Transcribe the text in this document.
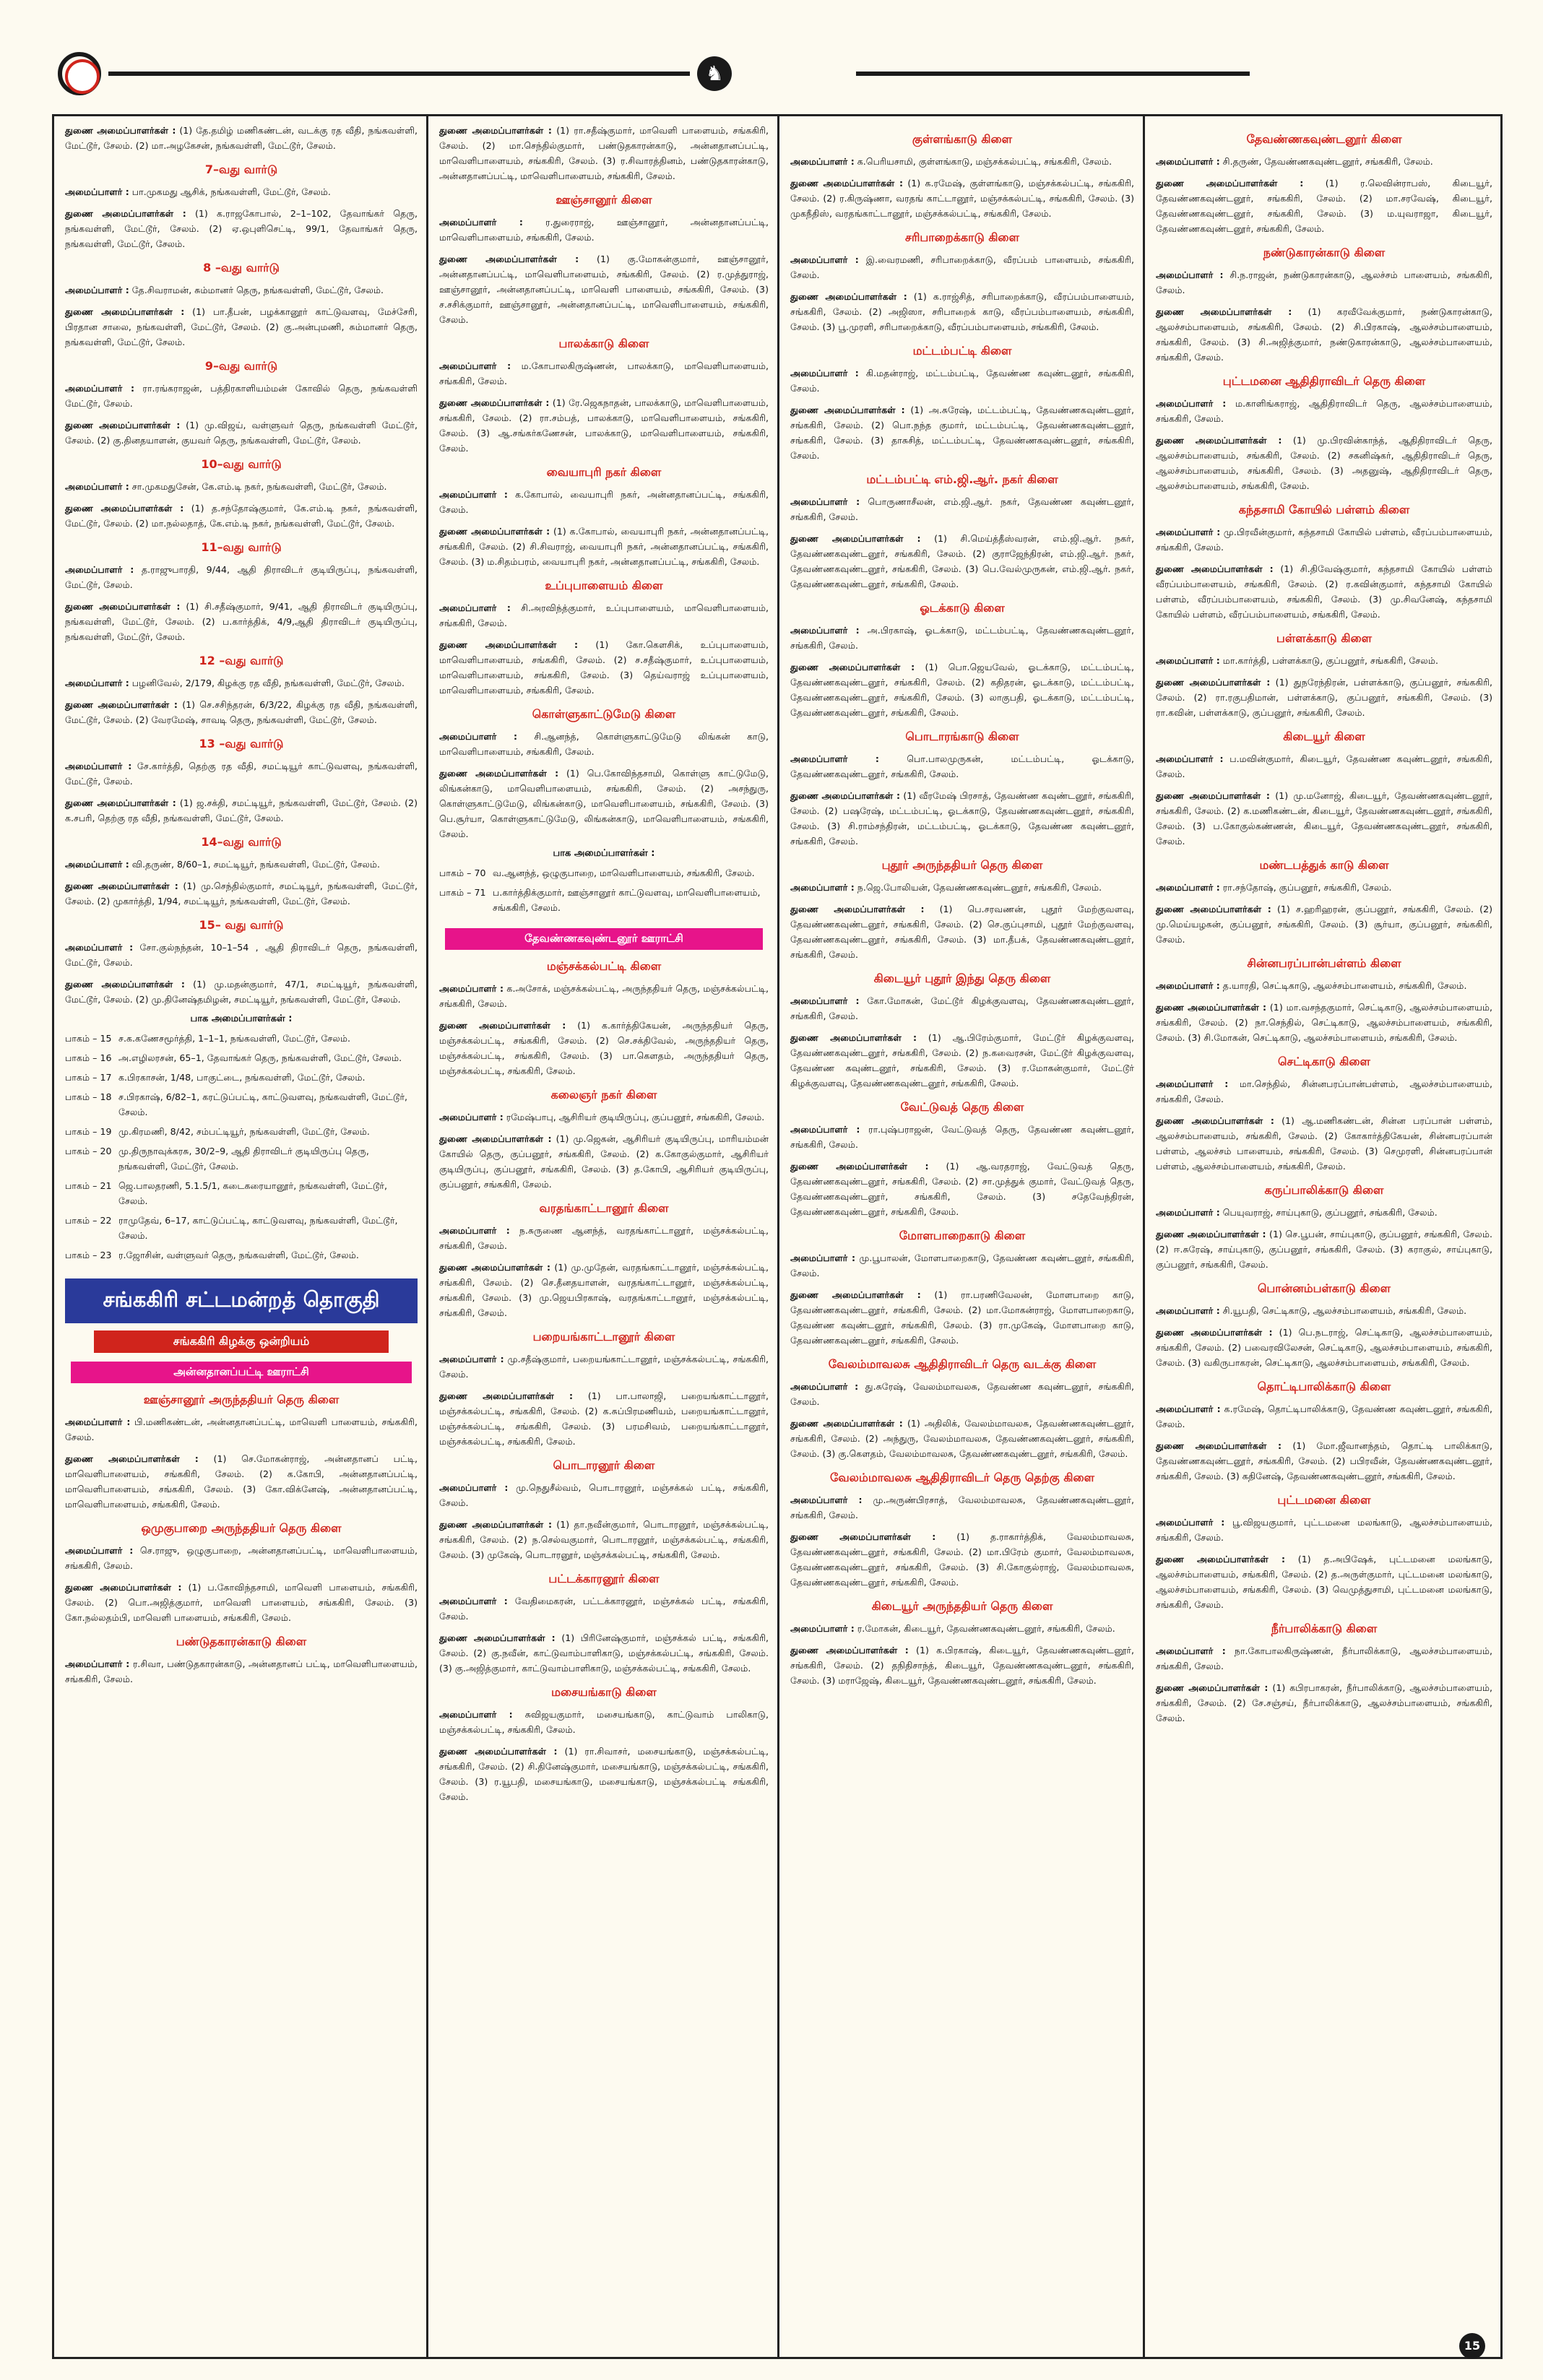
♞

துணை அமைப்பாளர்கள் : (1) தே.தமிழ் மணிகண்டன், வடக்கு ரத வீதி, நங்கவள்ளி, மேட்டூர், சேலம். (2) மா.அழகேசன், நங்கவள்ளி, மேட்டூர், சேலம்.

7–வது வார்டு

அமைப்பாளர் : பா.முகமது ஆசிக், நங்கவள்ளி, மேட்டூர், சேலம்.

துணை அமைப்பாளர்கள் : (1) க.ராஜகோபால், 2–1–102, தேவாங்கர் தெரு, நங்கவள்ளி, மேட்டூர், சேலம். (2) ஏ.ஒபுளிசெட்டி, 99/1, தேவாங்கர் தெரு, நங்கவள்ளி, மேட்டூர், சேலம்.

8 –வது வார்டு

அமைப்பாளர் : தே.சிவராமன், சும்மானர் தெரு, நங்கவள்ளி, மேட்டூர், சேலம்.

துணை அமைப்பாளர்கள் : (1) பா.தீபன், பழக்கானூர் காட்டுவளவு, மேச்சேரி, பிரதான சாலை, நங்கவள்ளி, மேட்டூர், சேலம். (2) கு.அன்புமணி, சும்மானர் தெரு, நங்கவள்ளி, மேட்டூர், சேலம்.

9–வது வார்டு

அமைப்பாளர் : ரா.ரங்கராஜன், பத்திரகாளியம்மன் கோவில் தெரு, நங்கவள்ளி மேட்டூர், சேலம்.

துணை அமைப்பாளர்கள் : (1) மு.விஜய், வள்ளுவர் தெரு, நங்கவள்ளி மேட்டூர், சேலம். (2) கு.தினதயாளன், குயவர் தெரு, நங்கவள்ளி, மேட்டூர், சேலம்.

10–வது வார்டு

அமைப்பாளர் : சா.முகமதுசேன், கே.எம்.டி நகர், நங்கவள்ளி, மேட்டூர், சேலம்.

துணை அமைப்பாளர்கள் : (1) த.சந்தோஷ்குமார், கே.எம்.டி நகர், நங்கவள்ளி, மேட்டூர், சேலம். (2) மா.நல்லதாத், கே.எம்.டி நகர், நங்கவள்ளி, மேட்டூர், சேலம்.

11–வது வார்டு

அமைப்பாளர் : த.ராஜுபாரதி, 9/44, ஆதி திராவிடர் குடியிருப்பு, நங்கவள்ளி, மேட்டூர், சேலம்.

துணை அமைப்பாளர்கள் : (1) சி.சதீஷ்குமார், 9/41, ஆதி திராவிடர் குடியிருப்பு, நங்கவள்ளி, மேட்டூர், சேலம். (2) ப.கார்த்திக், 4/9,ஆதி திராவிடர் குடியிருப்பு, நங்கவள்ளி, மேட்டூர், சேலம்.

12 –வது வார்டு

அமைப்பாளர் : பழனிவேல், 2/179, கிழக்கு ரத வீதி, நங்கவள்ளி, மேட்டூர், சேலம்.

துணை அமைப்பாளர்கள் : (1) செ.சசிந்தரன், 6/3/22, கிழக்கு ரத வீதி, நங்கவள்ளி, மேட்டூர், சேலம். (2) வேரமேஷ், சாவடி தெரு, நங்கவள்ளி, மேட்டூர், சேலம்.

13 –வது வார்டு

அமைப்பாளர் : சே.கார்த்தி, தெற்கு ரத வீதி, சமட்டியூர் காட்டுவளவு, நங்கவள்ளி, மேட்டூர், சேலம்.

துணை அமைப்பாளர்கள் : (1) ஜ.சக்தி, சமட்டியூர், நங்கவள்ளி, மேட்டூர், சேலம். (2) க.சபரி, தெற்கு ரத வீதி, நங்கவள்ளி, மேட்டூர், சேலம்.

14–வது வார்டு

அமைப்பாளர் : வி.தருண், 8/60–1, சமட்டியூர், நங்கவள்ளி, மேட்டூர், சேலம்.

துணை அமைப்பாளர்கள் : (1) மு.செந்தில்குமார், சமட்டியூர், நங்கவள்ளி, மேட்டூர், சேலம். (2) முகார்த்தி, 1/94, சமட்டியூர், நங்கவள்ளி, மேட்டூர், சேலம்.

15– வது வார்டு

அமைப்பாளர் : சோ.குல்நந்தன், 10–1–54 , ஆதி திராவிடர் தெரு, நங்கவள்ளி, மேட்டூர், சேலம்.

துணை அமைப்பாளர்கள் : (1) மு.மதன்குமார், 47/1, சமட்டியூர், நங்கவள்ளி, மேட்டூர், சேலம். (2) மு.தினேஷ்தமிழன், சமட்டியூர், நங்கவள்ளி, மேட்டூர், சேலம்.

பாக அமைப்பாளர்கள் :
பாகம் – 15	ச.க.கணேசமூர்த்தி, 1–1–1, நங்கவள்ளி, மேட்டூர், சேலம்.
பாகம் – 16	அ.எழிலரசன், 65–1, தேவாங்கர் தெரு, நங்கவள்ளி, மேட்டூர், சேலம்.
பாகம் – 17	க.பிரகாசன், 1/48, பாகுட்டை, நங்கவள்ளி, மேட்டூர், சேலம்.
பாகம் – 18	ச.பிரகாஷ், 6/82–1, கரட்டுப்பட்டி, காட்டுவளவு, நங்கவள்ளி, மேட்டூர், சேலம்.
பாகம் – 19	மு.கிரமணி, 8/42, சம்பட்டியூர், நங்கவள்ளி, மேட்டூர், சேலம்.
பாகம் – 20	மு.திருநாவுக்கரசு, 30/2–9, ஆதி திராவிடர் குடியிருப்பு தெரு, நங்கவள்ளி, மேட்டூர், சேலம்.
பாகம் – 21	ஜெ.பாலதரணி, 5.1.5/1, கடைகரையானூர், நங்கவள்ளி, மேட்டூர், சேலம்.
பாகம் – 22	ராமுதேவ், 6–17, காட்டுப்பட்டி, காட்டுவளவு, நங்கவள்ளி, மேட்டூர், சேலம்.
பாகம் – 23	ர.ஜோசின், வள்ளுவர் தெரு, நங்கவள்ளி, மேட்டூர், சேலம்.
சங்ககிரி சட்டமன்றத் தொகுதி
சங்ககிரி கிழக்கு ஒன்றியம்
அன்னதானப்பட்டி ஊராட்சி
ஊஞ்சானூர் அருந்ததியர் தெரு கிளை

அமைப்பாளர் : பி.மணிகண்டன், அன்னதானப்பட்டி, மாவெளி பாளையம், சங்ககிரி, சேலம்.

துணை அமைப்பாளர்கள் : (1) செ.மோகன்ராஜ், அன்னதானப் பட்டி, மாவெளிபாளையம், சங்ககிரி, சேலம். (2) க.கோபி, அன்னதானப்பட்டி, மாவெளிபாளையம், சங்ககிரி, சேலம். (3) கோ.விக்னேஷ், அன்னதானப்பட்டி, மாவெளிபாளையம், சங்ககிரி, சேலம்.

ஒமுகுபாறை அருந்ததியர் தெரு கிளை

அமைப்பாளர் : செ.ராஜு, ஒழுகுபாறை, அன்னதானப்பட்டி, மாவெளிபாளையம், சங்ககிரி, சேலம்.

துணை அமைப்பாளர்கள் : (1) ப.கோவிந்தசாமி, மாவெளி பாளையம், சங்ககிரி, சேலம். (2) பொ.அஜித்குமார், மாவெளி பாளையம், சங்ககிரி, சேலம். (3) கோ.நல்லதம்பி, மாவெளி பாளையம், சங்ககிரி, சேலம்.

பண்டுதகாரன்காடு கிளை

அமைப்பாளர் : ர.சிவா, பண்டுதகாரன்காடு, அன்னதானப் பட்டி, மாவெளிபாளையம், சங்ககிரி, சேலம்.

துணை அமைப்பாளர்கள் : (1) ரா.சதீஷ்குமார், மாவெளி பாளையம், சங்ககிரி, சேலம். (2) மா.செந்தில்குமார், பண்டுதகாரன்காடு, அன்னதானப்பட்டி, மாவெளிபாளையம், சங்ககிரி, சேலம். (3) ர.சிவாரத்தினம், பண்டுதகாரன்காடு, அன்னதானப்பட்டி, மாவெளிபாளையம், சங்ககிரி, சேலம்.

ஊஞ்சானூர் கிளை

அமைப்பாளர் : ர.துரைராஜ், ஊஞ்சானூர், அன்னதானப்பட்டி, மாவெளிபாளையம், சங்ககிரி, சேலம்.

துணை அமைப்பாளர்கள் : (1) கு.மோகன்குமார், ஊஞ்சானூர், அன்னதானப்பட்டி, மாவெளிபாளையம், சங்ககிரி, சேலம். (2) ர.முத்துராஜ், ஊஞ்சானூர், அன்னதானப்பட்டி, மாவெளி பாளையம், சங்ககிரி, சேலம். (3) ச.சசிக்குமார், ஊஞ்சானூர், அன்னதானப்பட்டி, மாவெளிபாளையம், சங்ககிரி, சேலம்.

பாலக்காடு கிளை

அமைப்பாளர் : ம.கோபாலகிருஷ்ணன், பாலக்காடு, மாவெளிபாளையம், சங்ககிரி, சேலம்.

துணை அமைப்பாளர்கள் : (1) ரே.ஜெகநாதன், பாலக்காடு, மாவெளிபாளையம், சங்ககிரி, சேலம். (2) ரா.சம்பத், பாலக்காடு, மாவெளிபாளையம், சங்ககிரி, சேலம். (3) ஆ.சங்கர்கணேசன், பாலக்காடு, மாவெளிபாளையம், சங்ககிரி, சேலம்.

வையாபுரி நகர் கிளை

அமைப்பாளர் : க.கோபால், வையாபுரி நகர், அன்னதானப்பட்டி, சங்ககிரி, சேலம்.

துணை அமைப்பாளர்கள் : (1) க.கோபால், வையாபுரி நகர், அன்னதானப்பட்டி, சங்ககிரி, சேலம். (2) சி.சிவராஜ், வையாபுரி நகர், அன்னதானப்பட்டி, சங்ககிரி, சேலம். (3) ம.சிதம்பரம், வையாபுரி நகர், அன்னதானப்பட்டி, சங்ககிரி, சேலம்.

உப்புபாளையம் கிளை

அமைப்பாளர் : சி.அரவிந்த்குமார், உப்புபாளையம், மாவெளிபாளையம், சங்ககிரி, சேலம்.

துணை அமைப்பாளர்கள் : (1) கோ.கௌசிக், உப்புபாளையம், மாவெளிபாளையம், சங்ககிரி, சேலம். (2) ச.சதீஷ்குமார், உப்புபாளையம், மாவெளிபாளையம், சங்ககிரி, சேலம். (3) தெய்வராஜ் உப்புபாளையம், மாவெளிபாளையம், சங்ககிரி, சேலம்.

கொள்ளுகாட்டுமேடு கிளை

அமைப்பாளர் : சி.ஆனந்த், கொள்ளுகாட்டுமேடு லிங்கன் காடு, மாவெளிபாளையம், சங்ககிரி, சேலம்.

துணை அமைப்பாளர்கள் : (1) பெ.கோவிந்தசாமி, கொள்ளு காட்டுமேடு, லிங்கன்காடு, மாவெளிபாளையம், சங்ககிரி, சேலம். (2) அசந்துரு, கொள்ளுகாட்டுமேடு, லிங்கன்காடு, மாவெளிபாளையம், சங்ககிரி, சேலம். (3) பெ.சூர்யா, கொள்ளுகாட்டுமேடு, லிங்கன்காடு, மாவெளிபாளையம், சங்ககிரி, சேலம்.

பாக அமைப்பாளர்கள் :
பாகம் – 70	வ.ஆனந்த், ஒழுகுபாறை, மாவெளிபாளையம், சங்ககிரி, சேலம்.
பாகம் – 71	ப.கார்த்திக்குமார், ஊஞ்சானூர் காட்டுவளவு, மாவெளிபாளையம், சங்ககிரி, சேலம்.
தேவண்ணகவுண்டனூர் ஊராட்சி
மஞ்சக்கல்பட்டி கிளை

அமைப்பாளர் : க.அசோக், மஞ்சக்கல்பட்டி, அருந்ததியர் தெரு, மஞ்சக்கல்பட்டி, சங்ககிரி, சேலம்.

துணை அமைப்பாளர்கள் : (1) க.கார்த்திகேயன், அருந்ததியர் தெரு, மஞ்சக்கல்பட்டி, சங்ககிரி, சேலம். (2) செ.சக்திவேல், அருந்ததியர் தெரு, மஞ்சக்கல்பட்டி, சங்ககிரி, சேலம். (3) பா.கௌதம், அருந்ததியர் தெரு, மஞ்சக்கல்பட்டி, சங்ககிரி, சேலம்.

கலைஞர் நகர் கிளை

அமைப்பாளர் : ரமேஷ்பாபு, ஆசிரியர் குடியிருப்பு, குப்பனூர், சங்ககிரி, சேலம்.

துணை அமைப்பாளர்கள் : (1) மு.ஜெகன், ஆசிரியர் குடியிருப்பு, மாரியம்மன் கோயில் தெரு, குப்பனூர், சங்ககிரி, சேலம். (2) க.கோகுல்குமார், ஆசிரியர் குடியிருப்பு, குப்பனூர், சங்ககிரி, சேலம். (3) த.கோபி, ஆசிரியர் குடியிருப்பு, குப்பனூர், சங்ககிரி, சேலம்.

வரதங்காட்டானூர் கிளை

அமைப்பாளர் : ந.சுருணை ஆனந்த், வரதங்காட்டானூர், மஞ்சக்கல்பட்டி, சங்ககிரி, சேலம்.

துணை அமைப்பாளர்கள் : (1) மு.முதேன், வரதங்காட்டானூர், மஞ்சக்கல்பட்டி, சங்ககிரி, சேலம். (2) செ.தீனதயாளன், வரதங்காட்டானூர், மஞ்சக்கல்பட்டி, சங்ககிரி, சேலம். (3) மு.ஜெயபிரகாஷ், வரதங்காட்டானூர், மஞ்சக்கல்பட்டி, சங்ககிரி, சேலம்.

பறையங்காட்டானூர் கிளை

அமைப்பாளர் : மு.சதீஷ்குமார், பறையங்காட்டானூர், மஞ்சக்கல்பட்டி, சங்ககிரி, சேலம்.

துணை அமைப்பாளர்கள் : (1) பா.பாலாஜி, பறையங்காட்டானூர், மஞ்சக்கல்பட்டி, சங்ககிரி, சேலம். (2) க.சுப்பிரமணியம், பறையங்காட்டானூர், மஞ்சக்கல்பட்டி, சங்ககிரி, சேலம். (3) பரமசிவம், பறையங்காட்டானூர், மஞ்சக்கல்பட்டி, சங்ககிரி, சேலம்.

பொடாரனூர் கிளை

அமைப்பாளர் : மு.நெதுசீல்வம், பொடாரனூர், மஞ்சக்கல் பட்டி, சங்ககிரி, சேலம்.

துணை அமைப்பாளர்கள் : (1) தா.நவீன்குமார், பொடாரனூர், மஞ்சக்கல்பட்டி, சங்ககிரி, சேலம். (2) ந.செல்வகுமார், பொடாரனூர், மஞ்சக்கல்பட்டி, சங்ககிரி, சேலம். (3) முகேஷ், பொடாரனூர், மஞ்சக்கல்பட்டி, சங்ககிரி, சேலம்.

பட்டக்காரனூர் கிளை

அமைப்பாளர் : வேதிமைகரன், பட்டக்காரனூர், மஞ்சக்கல் பட்டி, சங்ககிரி, சேலம்.

துணை அமைப்பாளர்கள் : (1) பிரினேஷ்குமார், மஞ்சக்கல் பட்டி, சங்ககிரி, சேலம். (2) கு.நவீன், காட்டுவாம்பாளிகாடு, மஞ்சக்கல்பட்டி, சங்ககிரி, சேலம். (3) கு.அஜித்குமார், காட்டுவாம்பாளிகாடு, மஞ்சக்கல்பட்டி, சங்ககிரி, சேலம்.

மசையங்காடு கிளை

அமைப்பாளர் : சுவிஜயகுமார், மசையங்காடு, காட்டுவாம் பாலிகாடு, மஞ்சக்கல்பட்டி, சங்ககிரி, சேலம்.

துணை அமைப்பாளர்கள் : (1) ரா.சிவாசர், மசையங்காடு, மஞ்சக்கல்பட்டி, சங்ககிரி, சேலம். (2) சி.தினேஷ்குமார், மசையங்காடு, மஞ்சக்கல்பட்டி, சங்ககிரி, சேலம். (3) ர.யூபதி, மசையங்காடு, மசையங்காடு, மஞ்சக்கல்பட்டி சங்ககிரி, சேலம்.

குள்ளங்காடு கிளை

அமைப்பாளர் : க.பெரியசாமி, குள்ளங்காடு, மஞ்சக்கல்பட்டி, சங்ககிரி, சேலம்.

துணை அமைப்பாளர்கள் : (1) க.ரமேஷ், குள்ளங்காடு, மஞ்சக்கல்பட்டி, சங்ககிரி, சேலம். (2) ர.கிருஷ்ணா, வரதங் காட்டானூர், மஞ்சக்கல்பட்டி, சங்ககிரி, சேலம். (3) முகநீதிஸ், வரதங்காட்டானூர், மஞ்சக்கல்பட்டி, சங்ககிரி, சேலம்.

சரிபாறைக்காடு கிளை

அமைப்பாளர் : இ.வைரமணி, சரிபாறைக்காடு, வீரப்பம் பாளையம், சங்ககிரி, சேலம்.

துணை அமைப்பாளர்கள் : (1) க.ராஜ்சித், சரிபாறைக்காடு, வீரப்பம்பாளையம், சங்ககிரி, சேலம். (2) அஜிஸா, சரிபாறைக் காடு, வீரப்பம்பாளையம், சங்ககிரி, சேலம். (3) பூ.முரளி, சரிபாறைக்காடு, வீரப்பம்பாளையம், சங்ககிரி, சேலம்.

மட்டம்பட்டி கிளை

அமைப்பாளர் : கி.மதன்ராஜ், மட்டம்பட்டி, தேவண்ண கவுண்டனூர், சங்ககிரி, சேலம்.

துணை அமைப்பாளர்கள் : (1) அ.சுரேஷ், மட்டம்பட்டி, தேவண்ணகவுண்டனூர், சங்ககிரி, சேலம். (2) பொ.நந்த குமார், மட்டம்பட்டி, தேவண்ணகவுண்டனூர், சங்ககிரி, சேலம். (3) தாசுசித், மட்டம்பட்டி, தேவண்ணகவுண்டனூர், சங்ககிரி, சேலம்.

மட்டம்பட்டி எம்.ஜி.ஆர். நகர் கிளை

அமைப்பாளர் : பொருணாசீலன், எம்.ஜி.ஆர். நகர், தேவண்ண கவுண்டனூர், சங்ககிரி, சேலம்.

துணை அமைப்பாளர்கள் : (1) சி.மெய்த்தீஸ்வரன், எம்.ஜி.ஆர். நகர், தேவண்ணகவுண்டனூர், சங்ககிரி, சேலம். (2) குராஜேந்திரன், எம்.ஜி.ஆர். நகர், தேவண்ணகவுண்டனூர், சங்ககிரி, சேலம். (3) பெ.வேல்முருகன், எம்.ஜி.ஆர். நகர், தேவண்ணகவுண்டனூர், சங்ககிரி, சேலம்.

ஓடக்காடு கிளை

அமைப்பாளர் : அ.பிரகாஷ், ஓடக்காடு, மட்டம்பட்டி, தேவண்ணகவுண்டனூர், சங்ககிரி, சேலம்.

துணை அமைப்பாளர்கள் : (1) பொ.ஜெயவேல், ஓடக்காடு, மட்டம்பட்டி, தேவண்ணகவுண்டனூர், சங்ககிரி, சேலம். (2) கதிதரன், ஓடக்காடு, மட்டம்பட்டி, தேவண்ணகவுண்டனூர், சங்ககிரி, சேலம். (3) லாகுபதி, ஓடக்காடு, மட்டம்பட்டி, தேவண்ணகவுண்டனூர், சங்ககிரி, சேலம்.

பொடாரங்காடு கிளை

அமைப்பாளர் : பொ.பாலமுருகன், மட்டம்பட்டி, ஓடக்காடு, தேவண்ணகவுண்டனூர், சங்ககிரி, சேலம்.

துணை அமைப்பாளர்கள் : (1) வீரமேஷ் பிரசாத், தேவண்ண கவுண்டனூர், சங்ககிரி, சேலம். (2) பஷரேஷ், மட்டம்பட்டி, ஓடக்காடு, தேவண்ணகவுண்டனூர், சங்ககிரி, சேலம். (3) சி.ராம்சந்திரன், மட்டம்பட்டி, ஓடக்காடு, தேவண்ண கவுண்டனூர், சங்ககிரி, சேலம்.

புதூர் அருந்ததியர் தெரு கிளை

அமைப்பாளர் : ந.ஜெ.போலியன், தேவண்ணகவுண்டனூர், சங்ககிரி, சேலம்.

துணை அமைப்பாளர்கள் : (1) பெ.சரவணன், புதூர் மேற்குவளவு, தேவண்ணகவுண்டனூர், சங்ககிரி, சேலம். (2) செ.குப்புசாமி, புதூர் மேற்குவளவு, தேவண்ணகவுண்டனூர், சங்ககிரி, சேலம். (3) மா.தீபக், தேவண்ணகவுண்டனூர், சங்ககிரி, சேலம்.

கிடையூர் புதூர் இந்து தெரு கிளை

அமைப்பாளர் : கோ.மோகன், மேட்டூர் கிழக்குவளவு, தேவண்ணகவுண்டனூர், சங்ககிரி, சேலம்.

துணை அமைப்பாளர்கள் : (1) ஆ.பிரேம்குமார், மேட்டூர் கிழக்குவளவு, தேவண்ணகவுண்டனூர், சங்ககிரி, சேலம். (2) ந.கவைரசன், மேட்டூர் கிழக்குவளவு, தேவண்ண கவுண்டனூர், சங்ககிரி, சேலம். (3) ர.மோகன்குமார், மேட்டூர் கிழக்குவளவு, தேவண்ணகவுண்டனூர், சங்ககிரி, சேலம்.

வேட்டுவத் தெரு கிளை

அமைப்பாளர் : ரா.புஷ்பராஜன், வேட்டுவத் தெரு, தேவண்ண கவுண்டனூர், சங்ககிரி, சேலம்.

துணை அமைப்பாளர்கள் : (1) ஆ.வரதராஜ், வேட்டுவத் தெரு, தேவண்ணகவுண்டனூர், சங்ககிரி, சேலம். (2) சா.முத்துக் குமார், வேட்டுவத் தெரு, தேவண்ணகவுண்டனூர், சங்ககிரி, சேலம். (3) சதேவேந்திரன், தேவண்ணகவுண்டனூர், சங்ககிரி, சேலம்.

மோளபாறைகாடு கிளை

அமைப்பாளர் : மு.பூபாலன், மோளபாறைகாடு, தேவண்ண கவுண்டனூர், சங்ககிரி, சேலம்.

துணை அமைப்பாளர்கள் : (1) ரா.பரணிவேலன், மோளபாறை காடு, தேவண்ணகவுண்டனூர், சங்ககிரி, சேலம். (2) மா.மோகன்ராஜ், மோளபாறைகாடு, தேவண்ண கவுண்டனூர், சங்ககிரி, சேலம். (3) ரா.முகேஷ், மோளபாறை காடு, தேவண்ணகவுண்டனூர், சங்ககிரி, சேலம்.

வேலம்மாவலசு ஆதிதிராவிடர் தெரு வடக்கு கிளை

அமைப்பாளர் : து.சுரேஷ், வேலம்மாவலசு, தேவண்ண கவுண்டனூர், சங்ககிரி, சேலம்.

துணை அமைப்பாளர்கள் : (1) அதிலிக், வேலம்மாவலசு, தேவண்ணகவுண்டனூர், சங்ககிரி, சேலம். (2) அந்துரு, வேலம்மாவலசு, தேவண்ணகவுண்டனூர், சங்ககிரி, சேலம். (3) கு.கௌதம், வேலம்மாவலசு, தேவண்ணகவுண்டனூர், சங்ககிரி, சேலம்.

வேலம்மாவலசு ஆதிதிராவிடர் தெரு தெற்கு கிளை

அமைப்பாளர் : மு.அருண்பிரசாத், வேலம்மாவலசு, தேவண்ணகவுண்டனூர், சங்ககிரி, சேலம்.

துணை அமைப்பாளர்கள் : (1) த.ராகார்த்திக், வேலம்மாவலசு, தேவண்ணகவுண்டனூர், சங்ககிரி, சேலம். (2) மா.பிரேம் குமார், வேலம்மாவலசு, தேவண்ணகவுண்டனூர், சங்ககிரி, சேலம். (3) சி.கோகுல்ராஜ், வேலம்மாவலசு, தேவண்ணகவுண்டனூர், சங்ககிரி, சேலம்.

கிடையூர் அருந்ததியர் தெரு கிளை

அமைப்பாளர் : ர.மோகன், கிடையூர், தேவண்ணகவுண்டனூர், சங்ககிரி, சேலம்.

துணை அமைப்பாளர்கள் : (1) க.பிரகாஷ், கிடையூர், தேவண்ணகவுண்டனூர், சங்ககிரி, சேலம். (2) தநிதிசாந்த், கிடையூர், தேவண்ணகவுண்டனூர், சங்ககிரி, சேலம். (3) மராஜேஷ், கிடையூர், தேவண்ணகவுண்டனூர், சங்ககிரி, சேலம்.

தேவண்ணகவுண்டனூர் கிளை

அமைப்பாளர் : சி.தருண், தேவண்ணகவுண்டனூர், சங்ககிரி, சேலம்.

துணை அமைப்பாளர்கள் : (1) ர.லெவின்ராபஸ், கிடையூர், தேவண்ணகவுண்டனூர், சங்ககிரி, சேலம். (2) மா.சரவேஷ், கிடையூர், தேவண்ணகவுண்டனூர், சங்ககிரி, சேலம். (3) ம.யுவராஜா, கிடையூர், தேவண்ணகவுண்டனூர், சங்ககிரி, சேலம்.

நண்டுகாரன்காடு கிளை

அமைப்பாளர் : சி.ந.ராஜன், நண்டுகாரன்காடு, ஆலச்சம் பாளையம், சங்ககிரி, சேலம்.

துணை அமைப்பாளர்கள் : (1) கரவீவேக்குமார், நண்டுகாரன்காடு, ஆலச்சம்பாளையம், சங்ககிரி, சேலம். (2) சி.பிரகாஷ், ஆலச்சம்பாளையம், சங்ககிரி, சேலம். (3) சி.அஜித்குமார், நண்டுகாரன்காடு, ஆலச்சம்பாளையம், சங்ககிரி, சேலம்.

புட்டமனை ஆதிதிராவிடர் தெரு கிளை

அமைப்பாளர் : ம.காளிங்கராஜ், ஆதிதிராவிடர் தெரு, ஆலச்சம்பாளையம், சங்ககிரி, சேலம்.

துணை அமைப்பாளர்கள் : (1) மு.பிரவின்காந்த், ஆதிதிராவிடர் தெரு, ஆலச்சம்பாளையம், சங்ககிரி, சேலம். (2) சகனிஷ்கர், ஆதிதிராவிடர் தெரு, ஆலச்சம்பாளையம், சங்ககிரி, சேலம். (3) அதனுஷ், ஆதிதிராவிடர் தெரு, ஆலச்சம்பாளையம், சங்ககிரி, சேலம்.

கந்தசாமி கோயில் பள்ளம் கிளை

அமைப்பாளர் : மு.பிரவீன்குமார், கந்தசாமி கோயில் பள்ளம், வீரப்பம்பாளையம், சங்ககிரி, சேலம்.

துணை அமைப்பாளர்கள் : (1) சி.திவேஷ்குமார், கந்தசாமி கோயில் பள்ளம் வீரப்பம்பாளையம், சங்ககிரி, சேலம். (2) ர.கவின்குமார், கந்தசாமி கோயில் பள்ளம், வீரப்பம்பாளையம், சங்ககிரி, சேலம். (3) மு.சிவனேஷ், கந்தசாமி கோயில் பள்ளம், வீரப்பம்பாளையம், சங்ககிரி, சேலம்.

பள்ளக்காடு கிளை

அமைப்பாளர் : மா.கார்த்தி, பள்ளக்காடு, குப்பனூர், சங்ககிரி, சேலம்.

துணை அமைப்பாளர்கள் : (1) துநரேந்திரன், பள்ளக்காடு, குப்பனூர், சங்ககிரி, சேலம். (2) ரா.ரகுபதிமான், பள்ளக்காடு, குப்பனூர், சங்ககிரி, சேலம். (3) ரா.கவின், பள்ளக்காடு, குப்பனூர், சங்ககிரி, சேலம்.

கிடையூர் கிளை

அமைப்பாளர் : ப.மவின்குமார், கிடையூர், தேவண்ண கவுண்டனூர், சங்ககிரி, சேலம்.

துணை அமைப்பாளர்கள் : (1) மு.மனோஜ், கிடையூர், தேவண்ணகவுண்டனூர், சங்ககிரி, சேலம். (2) க.மணிகண்டன், கிடையூர், தேவண்ணகவுண்டனூர், சங்ககிரி, சேலம். (3) ப.கோகுல்கண்ணன், கிடையூர், தேவண்ணகவுண்டனூர், சங்ககிரி, சேலம்.

மண்டபத்துக் காடு கிளை

அமைப்பாளர் : ரா.சந்தோஷ், குப்பனூர், சங்ககிரி, சேலம்.

துணை அமைப்பாளர்கள் : (1) ச.ஹரிஹரன், குப்பனூர், சங்ககிரி, சேலம். (2) மு.மெய்யழகன், குப்பனூர், சங்ககிரி, சேலம். (3) சூர்யா, குப்பனூர், சங்ககிரி, சேலம்.

சின்னபரப்பான்பள்ளம் கிளை

அமைப்பாளர் : த.யாரதி, செட்டிகாடு, ஆலச்சம்பாளையம், சங்ககிரி, சேலம்.

துணை அமைப்பாளர்கள் : (1) மா.வசந்தகுமார், செட்டிகாடு, ஆலச்சம்பாளையம், சங்ககிரி, சேலம். (2) நா.செந்தில், செட்டிகாடு, ஆலச்சம்பாளையம், சங்ககிரி, சேலம். (3) சி.மோகன், செட்டிகாடு, ஆலச்சம்பாளையம், சங்ககிரி, சேலம்.

செட்டிகாடு கிளை

அமைப்பாளர் : மா.செந்தில், சின்னபரப்பான்பள்ளம், ஆலச்சம்பாளையம், சங்ககிரி, சேலம்.

துணை அமைப்பாளர்கள் : (1) ஆ.மணிகண்டன், சின்ன பரப்பான் பள்ளம், ஆலச்சம்பாளையம், சங்ககிரி, சேலம். (2) கோகார்த்திகேயன், சின்னபரப்பான் பள்ளம், ஆலச்சம் பாளையம், சங்ககிரி, சேலம். (3) செமுரளி, சின்னபரப்பான் பள்ளம், ஆலச்சம்பாளையம், சங்ககிரி, சேலம்.

கருப்பாலிக்காடு கிளை

அமைப்பாளர் : பெயுவராஜ், சாய்புகாடு, குப்பனூர், சங்ககிரி, சேலம்.

துணை அமைப்பாளர்கள் : (1) செ.பூபன், சாய்புகாடு, குப்பனூர், சங்ககிரி, சேலம். (2) ஈ.சுரேஷ், சாய்புகாடு, குப்பனூர், சங்ககிரி, சேலம். (3) கராகுல், சாய்புகாடு, குப்பனூர், சங்ககிரி, சேலம்.

பொன்னம்பள்காடு கிளை

அமைப்பாளர் : சி.யூபதி, செட்டிகாடு, ஆலச்சம்பாளையம், சங்ககிரி, சேலம்.

துணை அமைப்பாளர்கள் : (1) பெ.நடராஜ், செட்டிகாடு, ஆலச்சம்பாளையம், சங்ககிரி, சேலம். (2) பவைரவிலேசன், செட்டிகாடு, ஆலச்சம்பாளையம், சங்ககிரி, சேலம். (3) வகிருபாகரன், செட்டிகாடு, ஆலச்சம்பாளையம், சங்ககிரி, சேலம்.

தொட்டிபாலிக்காடு கிளை

அமைப்பாளர் : க.ரமேஷ், தொட்டிபாலிக்காடு, தேவண்ண கவுண்டனூர், சங்ககிரி, சேலம்.

துணை அமைப்பாளர்கள் : (1) மோ.ஜீவானந்தம், தொட்டி பாலிக்காடு, தேவண்ணகவுண்டனூர், சங்ககிரி, சேலம். (2) பபிரவீன், தேவண்ணகவுண்டனூர், சங்ககிரி, சேலம். (3) கதினேஷ், தேவண்ணகவுண்டனூர், சங்ககிரி, சேலம்.

புட்டமனை கிளை

அமைப்பாளர் : பூ.விஜயகுமார், புட்டமனை மலங்காடு, ஆலச்சம்பாளையம், சங்ககிரி, சேலம்.

துணை அமைப்பாளர்கள் : (1) த.அபிஷேக், புட்டமனை மலங்காடு, ஆலச்சம்பாளையம், சங்ககிரி, சேலம். (2) த.அருள்குமார், புட்டமனை மலங்காடு, ஆலச்சம்பாளையம், சங்ககிரி, சேலம். (3) வெமுத்துசாமி, புட்டமனை மலங்காடு, சங்ககிரி, சேலம்.

நீர்பாலிக்காடு கிளை

அமைப்பாளர் : நா.கோபாலகிருஷ்ணன், நீர்பாலிக்காடு, ஆலச்சம்பாளையம், சங்ககிரி, சேலம்.

துணை அமைப்பாளர்கள் : (1) கபிரபாகரன், நீர்பாலிக்காடு, ஆலச்சம்பாளையம், சங்ககிரி, சேலம். (2) சே.சஞ்சய், நீர்பாலிக்காடு, ஆலச்சம்பாளையம், சங்ககிரி, சேலம்.

15
